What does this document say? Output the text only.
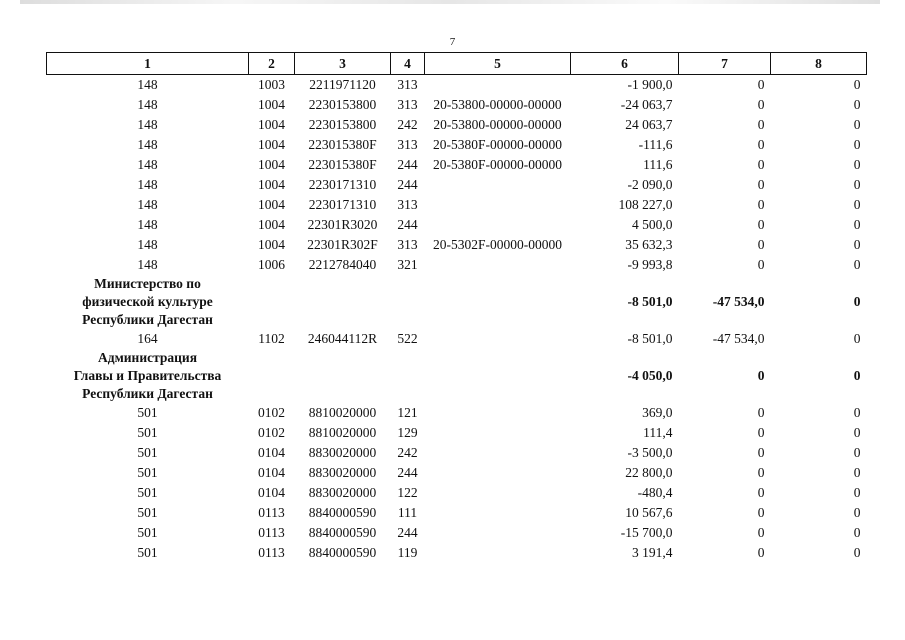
7
1	2	3	4	5	6	7	8
148	1003	2211971120	313		-1 900,0	0	0
148	1004	2230153800	313	20-53800-00000-00000	-24 063,7	0	0
148	1004	2230153800	242	20-53800-00000-00000	24 063,7	0	0
148	1004	223015380F	313	20-5380F-00000-00000	-111,6	0	0
148	1004	223015380F	244	20-5380F-00000-00000	111,6	0	0
148	1004	2230171310	244		-2 090,0	0	0
148	1004	2230171310	313		108 227,0	0	0
148	1004	22301R3020	244		4 500,0	0	0
148	1004	22301R302F	313	20-5302F-00000-00000	35 632,3	0	0
148	1006	2212784040	321		-9 993,8	0	0

Министерство по
физической культуре
Республики Дагестан					-8 501,0	-47 534,0	0
164	1102	246044112R	522		-8 501,0	-47 534,0	0

Администрация
Главы и Правительства
Республики Дагестан					-4 050,0	0	0
501	0102	8810020000	121		369,0	0	0
501	0102	8810020000	129		111,4	0	0
501	0104	8830020000	242		-3 500,0	0	0
501	0104	8830020000	244		22 800,0	0	0
501	0104	8830020000	122		-480,4	0	0
501	0113	8840000590	111		10 567,6	0	0
501	0113	8840000590	244		-15 700,0	0	0
501	0113	8840000590	119		3 191,4	0	0
